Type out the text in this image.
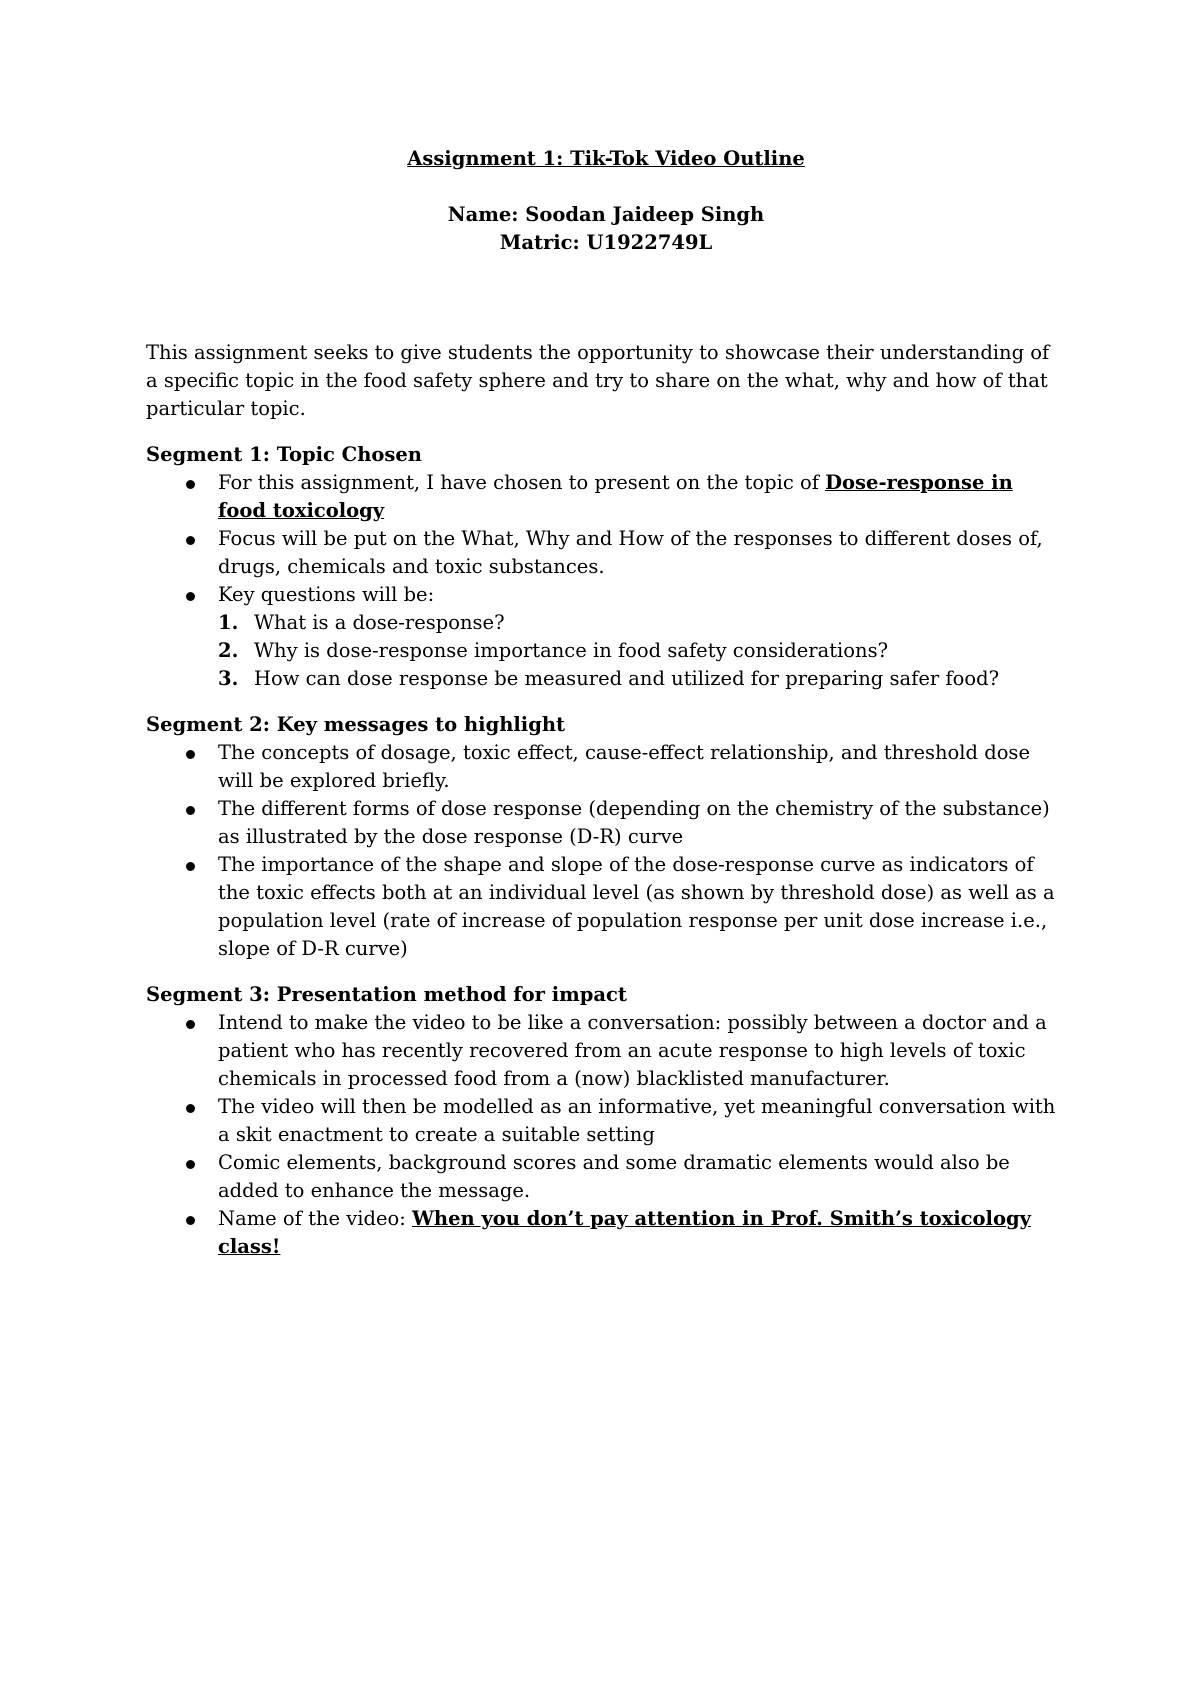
Assignment 1: Tik-Tok Video Outline

Name: Soodan Jaideep Singh

Matric: U1922749L

This assignment seeks to give students the opportunity to showcase their understanding of a specific topic in the food safety sphere and try to share on the what, why and how of that particular topic.

Segment 1: Topic Chosen

For this assignment, I have chosen to present on the topic of Dose-response in food toxicology
Focus will be put on the What, Why and How of the responses to different doses of, drugs, chemicals and toxic substances.
Key questions will be:
1. What is a dose-response?
2. Why is dose-response importance in food safety considerations?
3. How can dose response be measured and utilized for preparing safer food?

Segment 2: Key messages to highlight

The concepts of dosage, toxic effect, cause-effect relationship, and threshold dose will be explored briefly.
The different forms of dose response (depending on the chemistry of the substance) as illustrated by the dose response (D-R) curve
The importance of the shape and slope of the dose-response curve as indicators of the toxic effects both at an individual level (as shown by threshold dose) as well as a population level (rate of increase of population response per unit dose increase i.e., slope of D-R curve)

Segment 3: Presentation method for impact

Intend to make the video to be like a conversation: possibly between a doctor and a patient who has recently recovered from an acute response to high levels of toxic chemicals in processed food from a (now) blacklisted manufacturer.
The video will then be modelled as an informative, yet meaningful conversation with a skit enactment to create a suitable setting
Comic elements, background scores and some dramatic elements would also be added to enhance the message.
Name of the video: When you don’t pay attention in Prof. Smith’s toxicology class!
